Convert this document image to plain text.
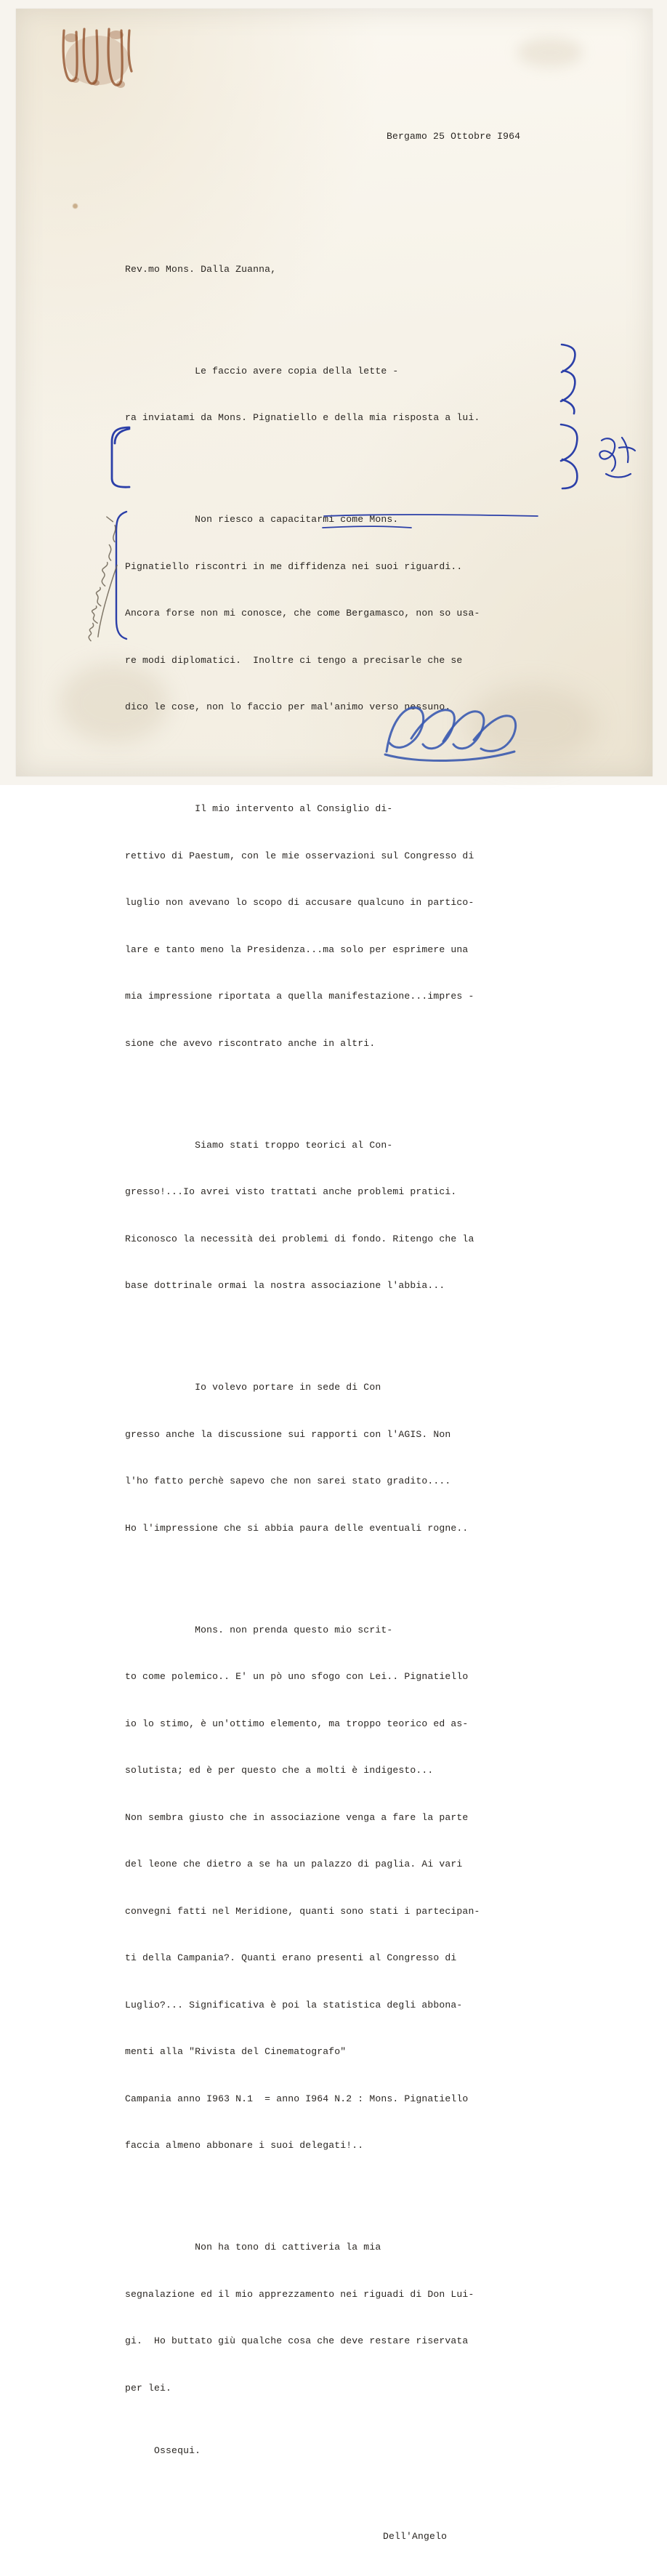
Bergamo 25 Ottobre I964

Rev.mo Mons. Dalla Zuanna,

Le faccio avere copia della lette -

ra inviatami da Mons. Pignatiello e della mia risposta a lui.

Non riesco a capacitarmi come Mons.

Pignatiello riscontri in me diffidenza nei suoi riguardi..

Ancora forse non mi conosce, che come Bergamasco, non so usa-

re modi diplomatici.  Inoltre ci tengo a precisarle che se

dico le cose, non lo faccio per mal'animo verso nessuno.

Il mio intervento al Consiglio di-

rettivo di Paestum, con le mie osservazioni sul Congresso di

luglio non avevano lo scopo di accusare qualcuno in partico-

lare e tanto meno la Presidenza...ma solo per esprimere una

mia impressione riportata a quella manifestazione...impres -

sione che avevo riscontrato anche in altri.

Siamo stati troppo teorici al Con-

gresso!...Io avrei visto trattati anche problemi pratici.

Riconosco la necessità dei problemi di fondo. Ritengo che la

base dottrinale ormai la nostra associazione l'abbia...

Io volevo portare in sede di Con

gresso anche la discussione sui rapporti con l'AGIS. Non

l'ho fatto perchè sapevo che non sarei stato gradito....

Ho l'impressione che si abbia paura delle eventuali rogne..

Mons. non prenda questo mio scrit-

to come polemico.. E' un pò uno sfogo con Lei.. Pignatiello

io lo stimo, è un'ottimo elemento, ma troppo teorico ed as-

solutista; ed è per questo che a molti è indigesto...

Non sembra giusto che in associazione venga a fare la parte

del leone che dietro a se ha un palazzo di paglia. Ai vari

convegni fatti nel Meridione, quanti sono stati i partecipan-

ti della Campania?. Quanti erano presenti al Congresso di

Luglio?... Significativa è poi la statistica degli abbona-

menti alla "Rivista del Cinematografo"

Campania anno I963 N.1  = anno I964 N.2 : Mons. Pignatiello

faccia almeno abbonare i suoi delegati!..

Non ha tono di cattiveria la mia

segnalazione ed il mio apprezzamento nei riguadi di Don Lui-

gi.  Ho buttato giù qualche cosa che deve restare riservata

per lei.

Ossequi.

Dell'Angelo
